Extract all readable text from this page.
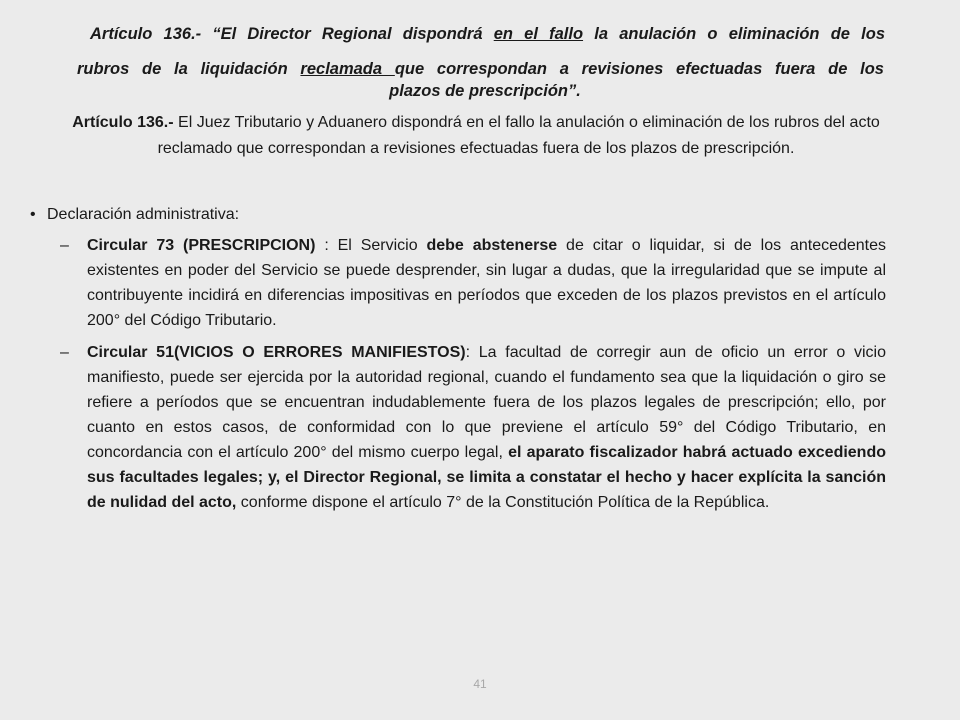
Artículo 136.- “El Director Regional dispondrá en el fallo la anulación o eliminación de los
rubros de la liquidación reclamada que correspondan a revisiones efectuadas fuera de los
plazos de prescripción”.
Artículo 136.- El Juez Tributario y Aduanero dispondrá en el fallo la anulación o eliminación de los rubros del acto reclamado que correspondan a revisiones efectuadas fuera de los plazos de prescripción.
• Declaración administrativa:
– Circular 73 (PRESCRIPCION) : El Servicio debe abstenerse de citar o liquidar, si de los antecedentes existentes en poder del Servicio se puede desprender, sin lugar a dudas, que la irregularidad que se impute al contribuyente incidirá en diferencias impositivas en períodos que exceden de los plazos previstos en el artículo 200° del Código Tributario.
– Circular 51(VICIOS O ERRORES MANIFIESTOS): La facultad de corregir aun de oficio un error o vicio manifiesto, puede ser ejercida por la autoridad regional, cuando el fundamento sea que la liquidación o giro se refiere a períodos que se encuentran indudablemente fuera de los plazos legales de prescripción; ello, por cuanto en estos casos, de conformidad con lo que previene el artículo 59° del Código Tributario, en concordancia con el artículo 200° del mismo cuerpo legal, el aparato fiscalizador habrá actuado excediendo sus facultades legales; y, el Director Regional, se limita a constatar el hecho y hacer explícita la sanción de nulidad del acto, conforme dispone el artículo 7° de la Constitución Política de la República.
41
